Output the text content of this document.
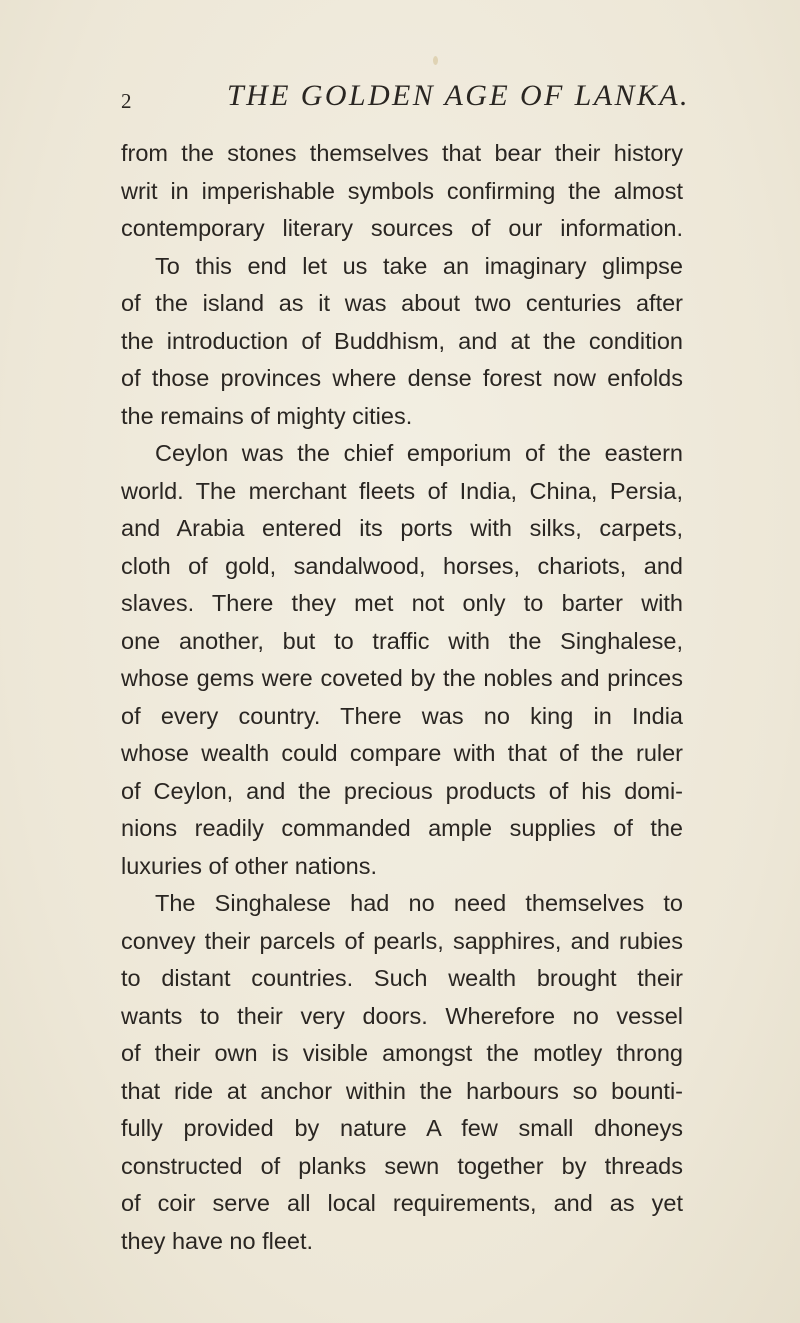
2	THE GOLDEN AGE OF LANKA.
from the stones themselves that bear their history
writ in imperishable symbols confirming the almost
contemporary literary sources of our information.
To this end let us take an imaginary glimpse
of the island as it was about two centuries after
the introduction of Buddhism, and at the condition
of those provinces where dense forest now enfolds
the remains of mighty cities.
Ceylon was the chief emporium of the eastern
world. The merchant fleets of India, China, Persia,
and Arabia entered its ports with silks, carpets,
cloth of gold, sandalwood, horses, chariots, and
slaves. There they met not only to barter with
one another, but to traffic with the Singhalese,
whose gems were coveted by the nobles and princes
of every country. There was no king in India
whose wealth could compare with that of the ruler
of Ceylon, and the precious products of his domi-
nions readily commanded ample supplies of the
luxuries of other nations.
The Singhalese had no need themselves to
convey their parcels of pearls, sapphires, and rubies
to distant countries. Such wealth brought their
wants to their very doors. Wherefore no vessel
of their own is visible amongst the motley throng
that ride at anchor within the harbours so bounti-
fully provided by nature A few small dhoneys
constructed of planks sewn together by threads
of coir serve all local requirements, and as yet
they have no fleet.
